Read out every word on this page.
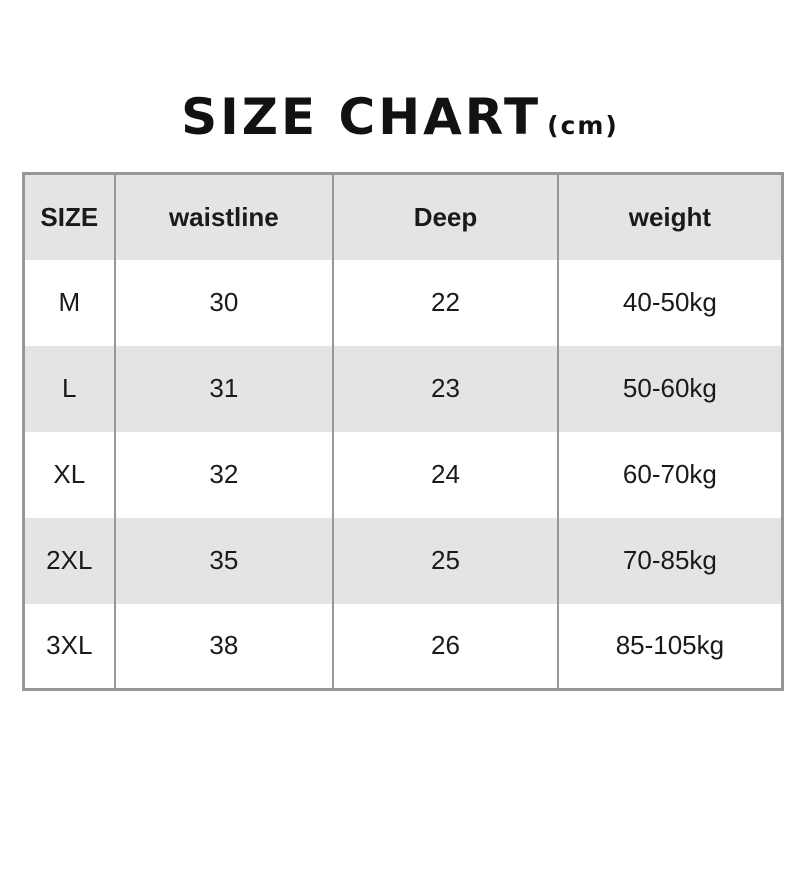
SIZE CHART (cm)
SIZE	waistline	Deep	weight
M	30	22	40-50kg
L	31	23	50-60kg
XL	32	24	60-70kg
2XL	35	25	70-85kg
3XL	38	26	85-105kg
